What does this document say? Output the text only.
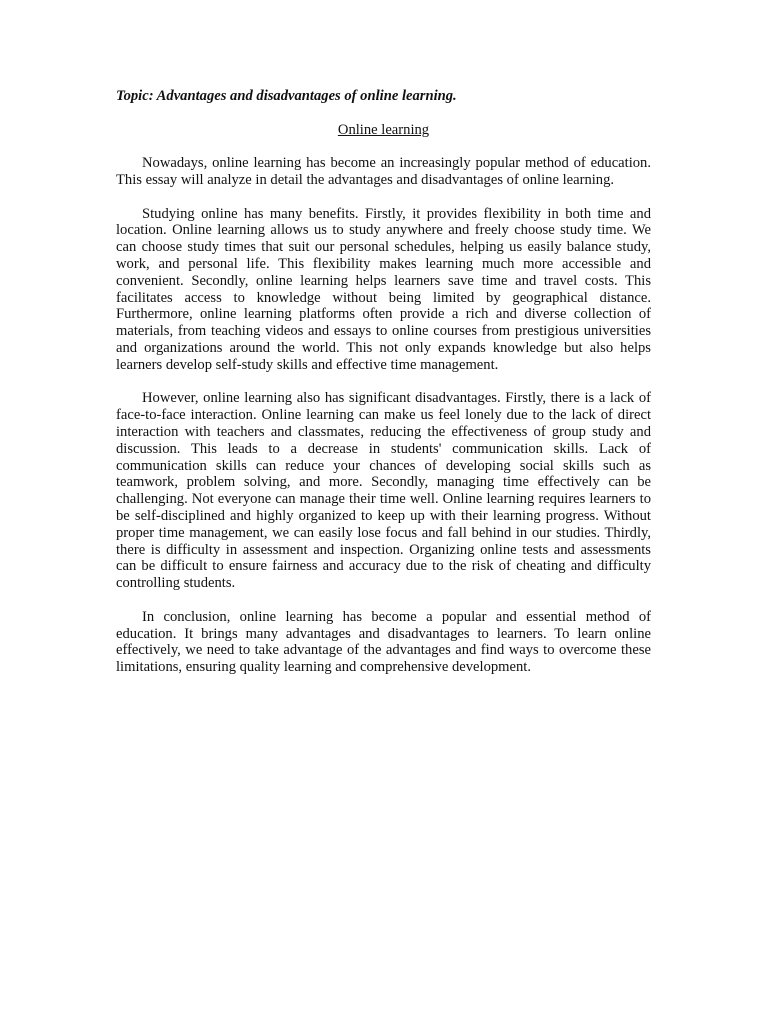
Topic: Advantages and disadvantages of online learning.

Online learning

Nowadays, online learning has become an increasingly popular method of education. This essay will analyze in detail the advantages and disadvantages of online learning.

Studying online has many benefits. Firstly, it provides flexibility in both time and location. Online learning allows us to study anywhere and freely choose study time. We can choose study times that suit our personal schedules, helping us easily balance study, work, and personal life. This flexibility makes learning much more accessible and convenient. Secondly, online learning helps learners save time and travel costs. This facilitates access to knowledge without being limited by geographical distance. Furthermore, online learning platforms often provide a rich and diverse collection of materials, from teaching videos and essays to online courses from prestigious universities and organizations around the world. This not only expands knowledge but also helps learners develop self-study skills and effective time management.

However, online learning also has significant disadvantages. Firstly, there is a lack of face-to-face interaction. Online learning can make us feel lonely due to the lack of direct interaction with teachers and classmates, reducing the effectiveness of group study and discussion. This leads to a decrease in students' communication skills. Lack of communication skills can reduce your chances of developing social skills such as teamwork, problem solving, and more. Secondly, managing time effectively can be challenging. Not everyone can manage their time well. Online learning requires learners to be self-disciplined and highly organized to keep up with their learning progress. Without proper time management, we can easily lose focus and fall behind in our studies. Thirdly, there is difficulty in assessment and inspection. Organizing online tests and assessments can be difficult to ensure fairness and accuracy due to the risk of cheating and difficulty controlling students.

In conclusion, online learning has become a popular and essential method of education. It brings many advantages and disadvantages to learners. To learn online effectively, we need to take advantage of the advantages and find ways to overcome these limitations, ensuring quality learning and comprehensive development.
